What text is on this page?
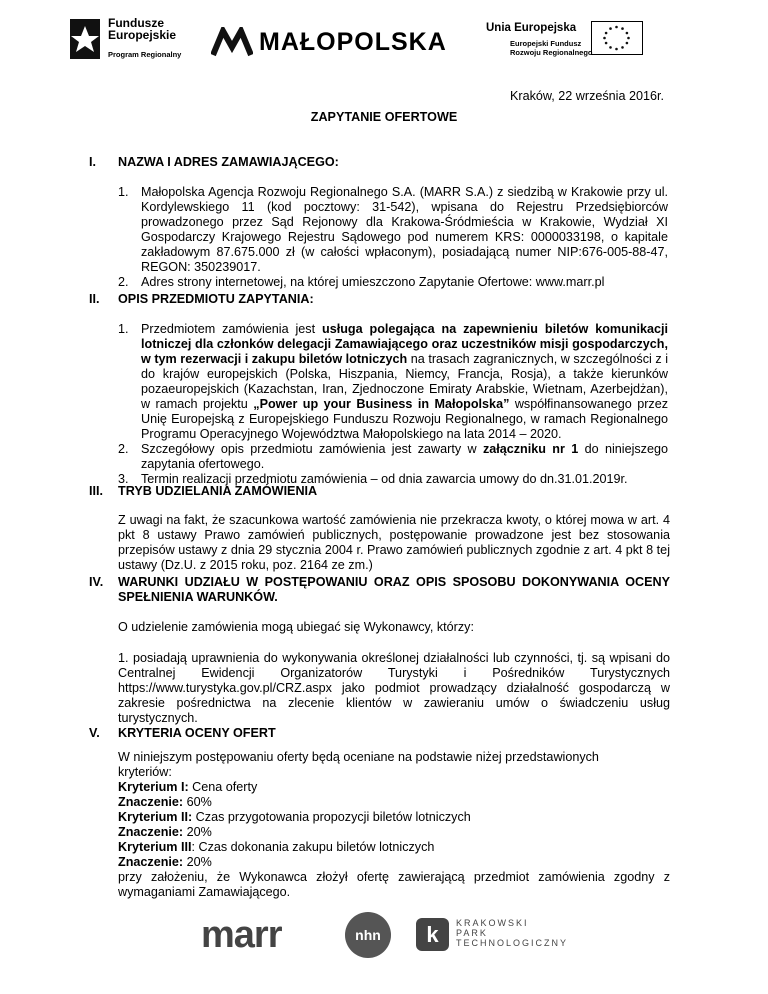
Fundusze Europejskie
Program Regionalny	MAŁOPOLSKA	Unia Europejska
Europejski Fundusz
Rozwoju Regionalnego
Kraków, 22 września 2016r.
ZAPYTANIE OFERTOWE
I. NAZWA I ADRES ZAMAWIAJĄCEGO:
1. Małopolska Agencja Rozwoju Regionalnego S.A. (MARR S.A.) z siedzibą w Krakowie przy ul. Kordylewskiego 11 (kod pocztowy: 31-542), wpisana do Rejestru Przedsiębiorców prowadzonego przez Sąd Rejonowy dla Krakowa-Śródmieścia w Krakowie, Wydział XI Gospodarczy Krajowego Rejestru Sądowego pod numerem KRS: 0000033198, o kapitale zakładowym 87.675.000 zł (w całości wpłaconym), posiadającą numer NIP:676-005-88-47, REGON: 350239017.
2. Adres strony internetowej, na której umieszczono Zapytanie Ofertowe: www.marr.pl
II. OPIS PRZEDMIOTU ZAPYTANIA:
1. Przedmiotem zamówienia jest usługa polegająca na zapewnieniu biletów komunikacji lotniczej dla członków delegacji Zamawiającego oraz uczestników misji gospodarczych, w tym rezerwacji i zakupu biletów lotniczych na trasach zagranicznych, w szczególności z i do krajów europejskich (Polska, Hiszpania, Niemcy, Francja, Rosja), a także kierunków pozaeuropejskich (Kazachstan, Iran, Zjednoczone Emiraty Arabskie, Wietnam, Azerbejdżan), w ramach projektu „Power up your Business in Małopolska” współfinansowanego przez Unię Europejską z Europejskiego Funduszu Rozwoju Regionalnego, w ramach Regionalnego Programu Operacyjnego Województwa Małopolskiego na lata 2014 – 2020.
2. Szczegółowy opis przedmiotu zamówienia jest zawarty w załączniku nr 1 do niniejszego zapytania ofertowego.
3. Termin realizacji przedmiotu zamówienia – od dnia zawarcia umowy do dn.31.01.2019r.
III. TRYB UDZIELANIA ZAMÓWIENIA
Z uwagi na fakt, że szacunkowa wartość zamówienia nie przekracza kwoty, o której mowa w art. 4 pkt 8 ustawy Prawo zamówień publicznych, postępowanie prowadzone jest bez stosowania przepisów ustawy z dnia 29 stycznia 2004 r. Prawo zamówień publicznych zgodnie z art. 4 pkt 8 tej ustawy (Dz.U. z 2015 roku, poz. 2164 ze zm.)
IV. WARUNKI UDZIAŁU W POSTĘPOWANIU ORAZ OPIS SPOSOBU DOKONYWANIA OCENY SPEŁNIENIA WARUNKÓW.
O udzielenie zamówienia mogą ubiegać się Wykonawcy, którzy:
1. posiadają uprawnienia do wykonywania określonej działalności lub czynności, tj. są wpisani do Centralnej Ewidencji Organizatorów Turystyki i Pośredników Turystycznych https://www.turystyka.gov.pl/CRZ.aspx jako podmiot prowadzący działalność gospodarczą w zakresie pośrednictwa na zlecenie klientów w zawieraniu umów o świadczeniu usług turystycznych.
V. KRYTERIA OCENY OFERT
W niniejszym postępowaniu oferty będą oceniane na podstawie niżej przedstawionych kryteriów:
Kryterium I: Cena oferty
Znaczenie: 60%
Kryterium II: Czas przygotowania propozycji biletów lotniczych
Znaczenie: 20%
Kryterium III: Czas dokonania zakupu biletów lotniczych
Znaczenie: 20%
przy założeniu, że Wykonawca złożył ofertę zawierającą przedmiot zamówienia zgodny z wymaganiami Zamawiającego.
marr	nhn	k	KRAKOWSKI
PARK
TECHNOLOGICZNY
